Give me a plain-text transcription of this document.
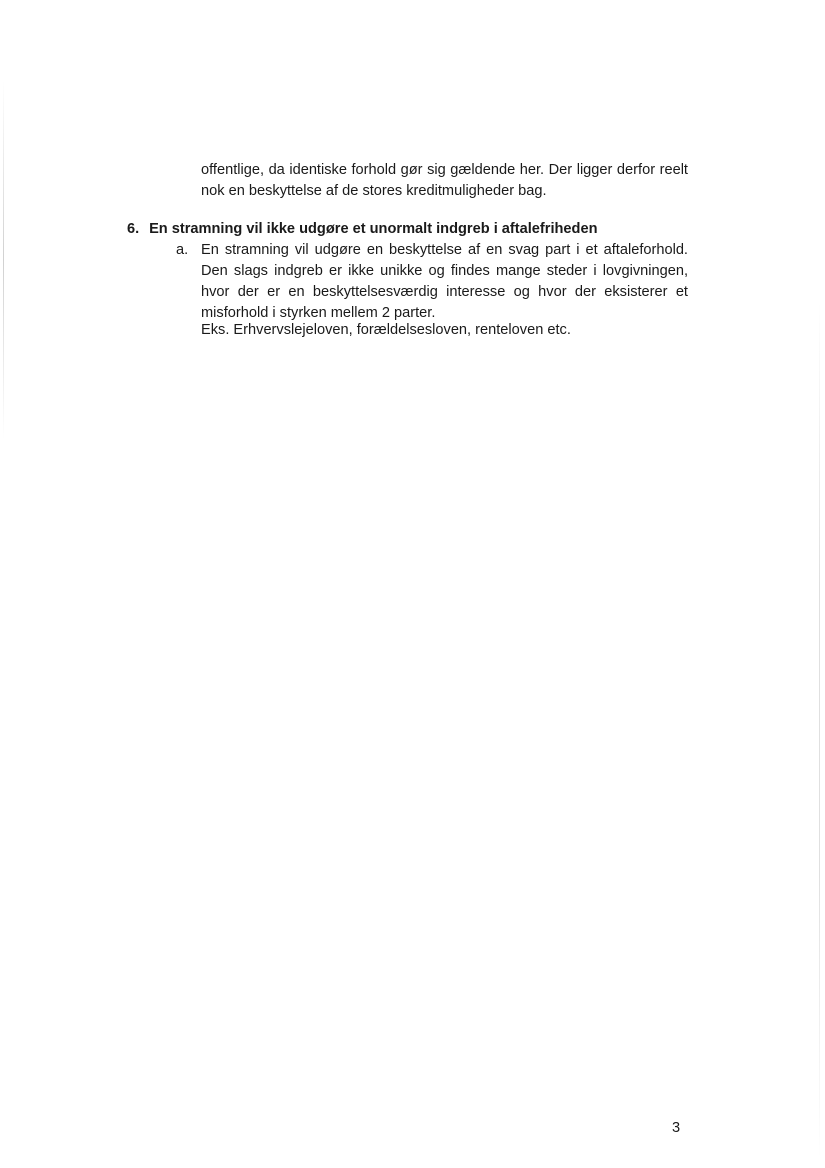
offentlige, da identiske forhold gør sig gældende her. Der ligger derfor reelt nok en beskyttelse af de stores kreditmuligheder bag.

6. En stramning vil ikke udgøre et unormalt indgreb i aftalefriheden
a. En stramning vil udgøre en beskyttelse af en svag part i et aftaleforhold. Den slags indgreb er ikke unikke og findes mange steder i lovgivningen, hvor der er en beskyttelsesværdig interesse og hvor der eksisterer et misforhold i styrken mellem 2 parter.

Eks. Erhvervslejeloven, forældelsesloven, renteloven etc.

3
